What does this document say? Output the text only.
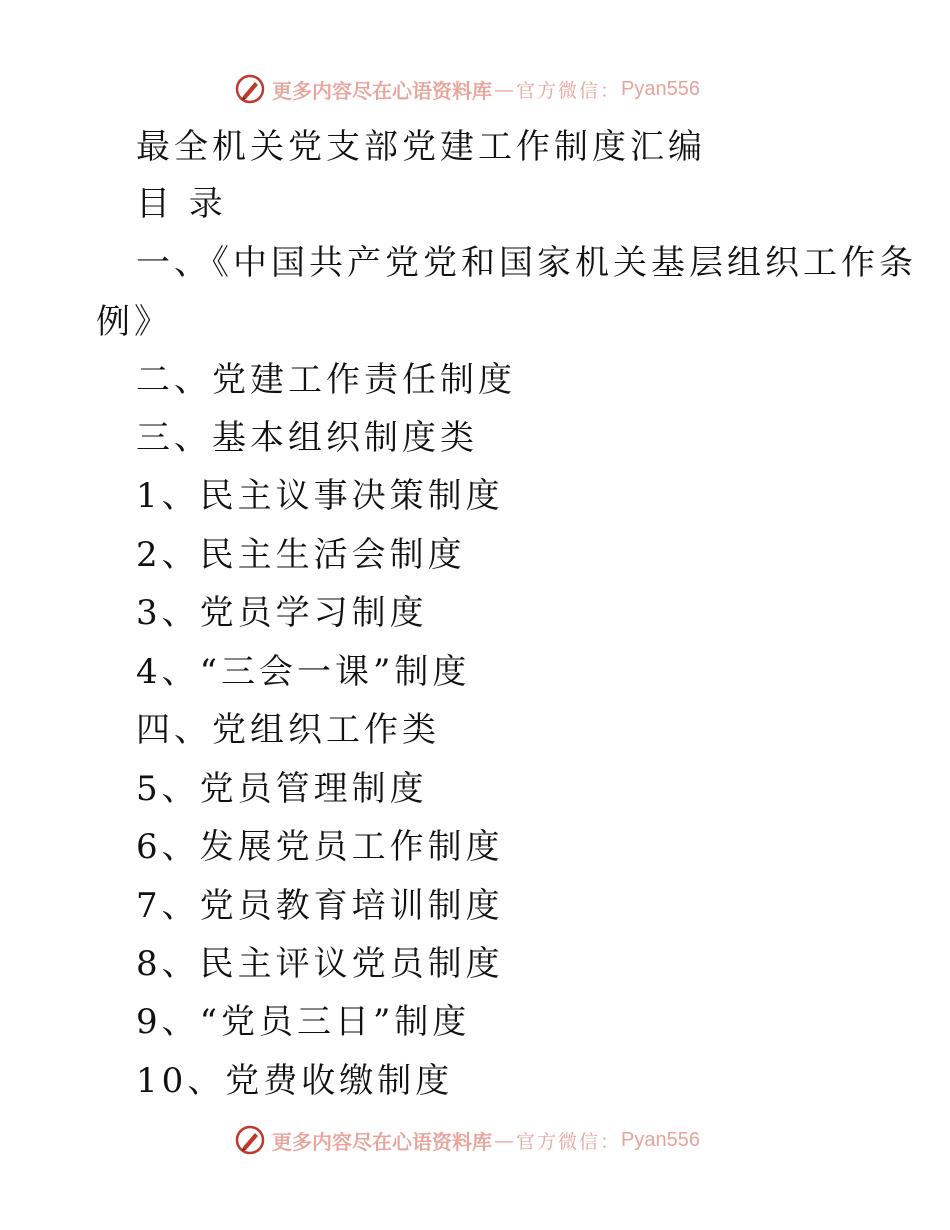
更多内容尽在心语资料库 — 官方微信： Pyan556
最全机关党支部党建工作制度汇编
目 录
一、《中国共产党党和国家机关基层组织工作条
例》
二、党建工作责任制度
三、基本组织制度类
1、民主议事决策制度
2、民主生活会制度
3、党员学习制度
4、“三会一课”制度
四、党组织工作类
5、党员管理制度
6、发展党员工作制度
7、党员教育培训制度
8、民主评议党员制度
9、“党员三日”制度
10、党费收缴制度
更多内容尽在心语资料库 — 官方微信： Pyan556
